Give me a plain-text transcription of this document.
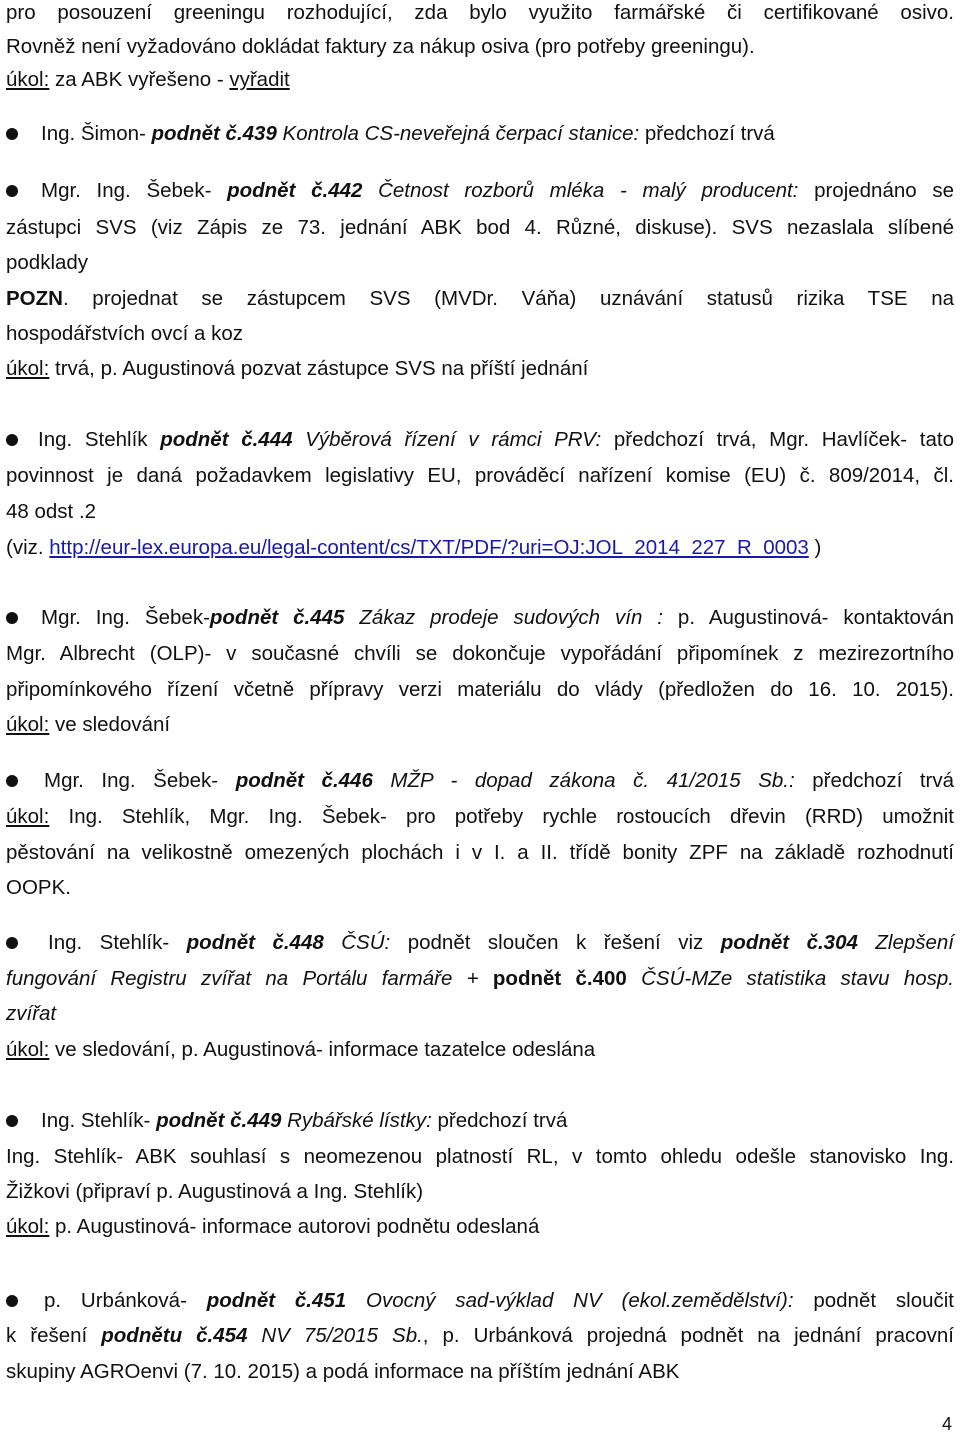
pro posouzení greeningu rozhodující, zda bylo využito farmářské či certifikované osivo.
Rovněž není vyžadováno dokládat faktury za nákup osiva (pro potřeby greeningu).
úkol: za ABK vyřešeno - vyřadit
Ing. Šimon- podnět č.439 Kontrola CS-neveřejná čerpací stanice: předchozí trvá
Mgr. Ing. Šebek- podnět č.442 Četnost rozborů mléka - malý producent: projednáno se
zástupci SVS (viz Zápis ze 73. jednání ABK bod 4. Různé, diskuse). SVS nezaslala slíbené
podklady
POZN. projednat se zástupcem SVS (MVDr. Váňa) uznávání statusů rizika TSE na
hospodářstvích ovcí a koz
úkol: trvá, p. Augustinová pozvat zástupce SVS na příští jednání
Ing. Stehlík podnět č.444 Výběrová řízení v rámci PRV: předchozí trvá, Mgr. Havlíček- tato
povinnost je daná požadavkem legislativy EU, prováděcí nařízení komise (EU) č. 809/2014, čl.
48 odst .2
(viz. http://eur-lex.europa.eu/legal-content/cs/TXT/PDF/?uri=OJ:JOL_2014_227_R_0003 )
Mgr. Ing. Šebek-podnět č.445 Zákaz prodeje sudových vín : p. Augustinová- kontaktován
Mgr. Albrecht (OLP)- v současné chvíli se dokončuje vypořádání připomínek z mezirezortního
připomínkového řízení včetně přípravy verzi materiálu do vlády (předložen do 16. 10. 2015).
úkol: ve sledování
Mgr. Ing. Šebek- podnět č.446 MŽP - dopad zákona č. 41/2015 Sb.: předchozí trvá
úkol: Ing. Stehlík, Mgr. Ing. Šebek- pro potřeby rychle rostoucích dřevin (RRD) umožnit
pěstování na velikostně omezených plochách i v I. a II. třídě bonity ZPF na základě rozhodnutí
OOPK.
Ing. Stehlík- podnět č.448 ČSÚ: podnět sloučen k řešení viz podnět č.304 Zlepšení
fungování Registru zvířat na Portálu farmáře + podnět č.400 ČSÚ-MZe statistika stavu hosp.
zvířat
úkol: ve sledování, p. Augustinová- informace tazatelce odeslána
Ing. Stehlík- podnět č.449 Rybářské lístky: předchozí trvá
Ing. Stehlík- ABK souhlasí s neomezenou platností RL, v tomto ohledu odešle stanovisko Ing.
Žižkovi (připraví p. Augustinová a Ing. Stehlík)
úkol: p. Augustinová- informace autorovi podnětu odeslaná
p. Urbánková- podnět č.451 Ovocný sad-výklad NV (ekol.zemědělství): podnět sloučit
k řešení podnětu č.454 NV 75/2015 Sb., p. Urbánková projedná podnět na jednání pracovní
skupiny AGROenvi (7. 10. 2015) a podá informace na příštím jednání ABK
4
